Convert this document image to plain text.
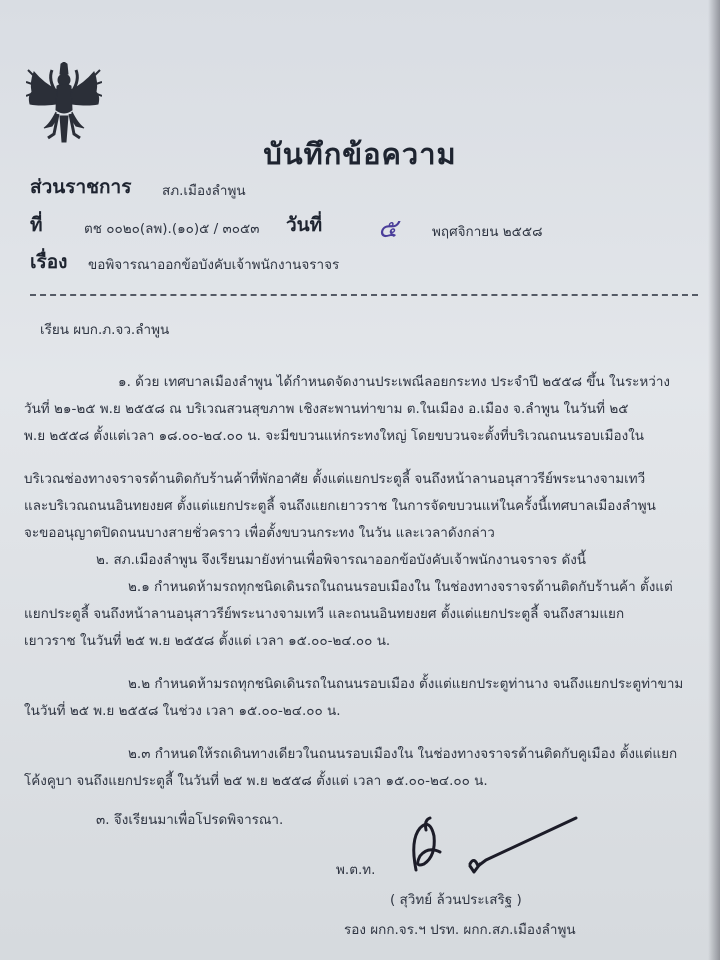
บันทึกข้อความ
ส่วนราชการ สภ.เมืองลำพูน
ที่	ตช ๐๐๒๐(ลพ).(๑๐)๕ / ๓๐๕๓ วันที่ ๕	พฤศจิกายน ๒๕๕๘
เรื่อง ขอพิจารณาออกข้อบังคับเจ้าพนักงานจราจร
เรียน ผบก.ภ.จว.ลำพูน
๑. ด้วย เทศบาลเมืองลำพูน ได้กำหนดจัดงานประเพณีลอยกระทง ประจำปี ๒๕๕๘ ขึ้น ในระหว่าง
วันที่ ๒๑-๒๕ พ.ย ๒๕๕๘ ณ บริเวณสวนสุขภาพ เชิงสะพานท่าขาม ต.ในเมือง อ.เมือง จ.ลำพูน ในวันที่ ๒๕
พ.ย ๒๕๕๘ ตั้งแต่เวลา ๑๘.๐๐-๒๔.๐๐ น. จะมีขบวนแห่กระทงใหญ่ โดยขบวนจะตั้งที่บริเวณถนนรอบเมืองใน
บริเวณช่องทางจราจรด้านติดกับร้านค้าที่พักอาศัย ตั้งแต่แยกประตูลี้ จนถึงหน้าลานอนุสาวรีย์พระนางจามเทวี
และบริเวณถนนอินทยงยศ ตั้งแต่แยกประตูลี้ จนถึงแยกเยาวราช ในการจัดขบวนแห่ในครั้งนี้เทศบาลเมืองลำพูน
จะขออนุญาตปิดถนนบางสายชั่วคราว เพื่อตั้งขบวนกระทง ในวัน และเวลาดังกล่าว
๒. สภ.เมืองลำพูน จึงเรียนมายังท่านเพื่อพิจารณาออกข้อบังคับเจ้าพนักงานจราจร ดังนี้
๒.๑ กำหนดห้ามรถทุกชนิดเดินรถในถนนรอบเมืองใน ในช่องทางจราจรด้านติดกับร้านค้า ตั้งแต่
แยกประตูลี้ จนถึงหน้าลานอนุสาวรีย์พระนางจามเทวี และถนนอินทยงยศ ตั้งแต่แยกประตูลี้ จนถึงสามแยก
เยาวราช ในวันที่ ๒๕ พ.ย ๒๕๕๘ ตั้งแต่ เวลา ๑๕.๐๐-๒๔.๐๐ น.
๒.๒ กำหนดห้ามรถทุกชนิดเดินรถในถนนรอบเมือง ตั้งแต่แยกประตูท่านาง จนถึงแยกประตูท่าขาม
ในวันที่ ๒๕ พ.ย ๒๕๕๘ ในช่วง เวลา ๑๕.๐๐-๒๔.๐๐ น.
๒.๓ กำหนดให้รถเดินทางเดียวในถนนรอบเมืองใน ในช่องทางจราจรด้านติดกับคูเมือง ตั้งแต่แยก
โค้งคูบา จนถึงแยกประตูลี้ ในวันที่ ๒๕ พ.ย ๒๕๕๘ ตั้งแต่ เวลา ๑๕.๐๐-๒๔.๐๐ น.
๓. จึงเรียนมาเพื่อโปรดพิจารณา.
พ.ต.ท.
( สุวิทย์ ล้วนประเสริฐ )
รอง ผกก.จร.ฯ ปรท. ผกก.สภ.เมืองลำพูน
